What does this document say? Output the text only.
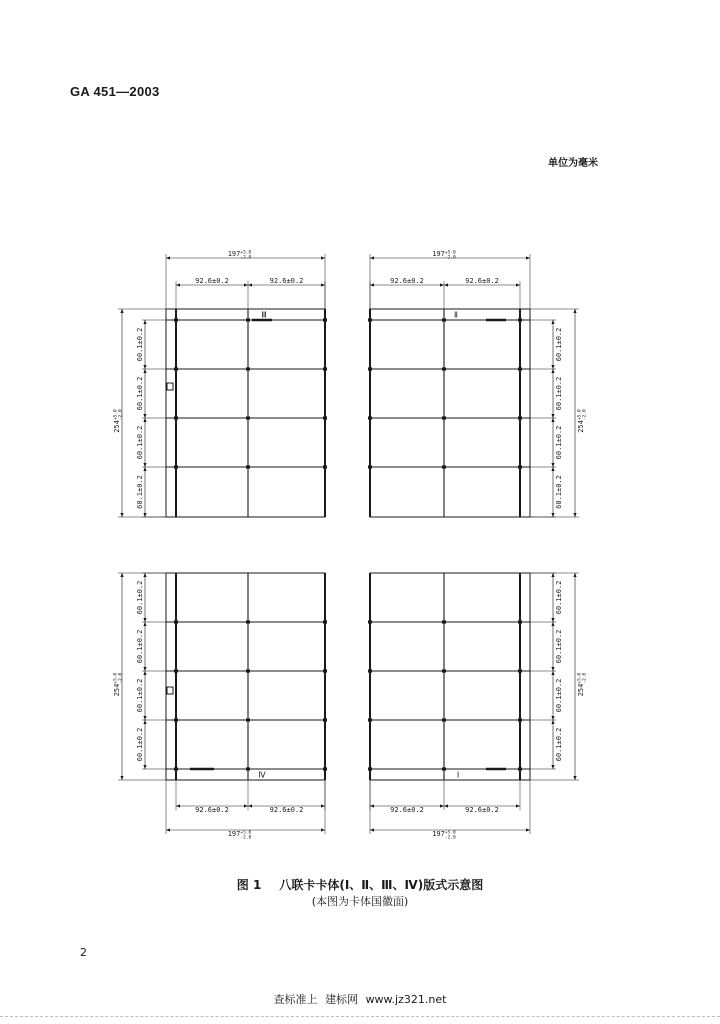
GA 451—2003
单位为毫米
Ⅲ
$197^{+5.0}$ -2.0
92.6±0.2	92.6±0.2
$254^{+5.0}-2.0$
60.1±0.2
60.1±0.2
60.1±0.2
60.1±0.2
Ⅱ
$197^{+5.0}$ -2.0
92.6±0.2	92.6±0.2
$254^{+5.0}-2.0$
60.1±0.2
60.1±0.2
60.1±0.2
60.1±0.2
Ⅳ
$197^{+5.0}$ -2.0
92.6±0.2	92.6±0.2
$254^{+5.0}-2.0$
60.1±0.2
60.1±0.2
60.1±0.2
60.1±0.2
Ⅰ
$197^{+5.0}$ -2.0
92.6±0.2	92.6±0.2
$254^{+5.0}-2.0$
60.1±0.2
60.1±0.2
60.1±0.2
60.1±0.2
图 1 八联卡卡体(Ⅰ、Ⅱ、Ⅲ、Ⅳ)版式示意图
(本图为卡体国徽面)
2
查标准上 建标网 www.jz321.net
